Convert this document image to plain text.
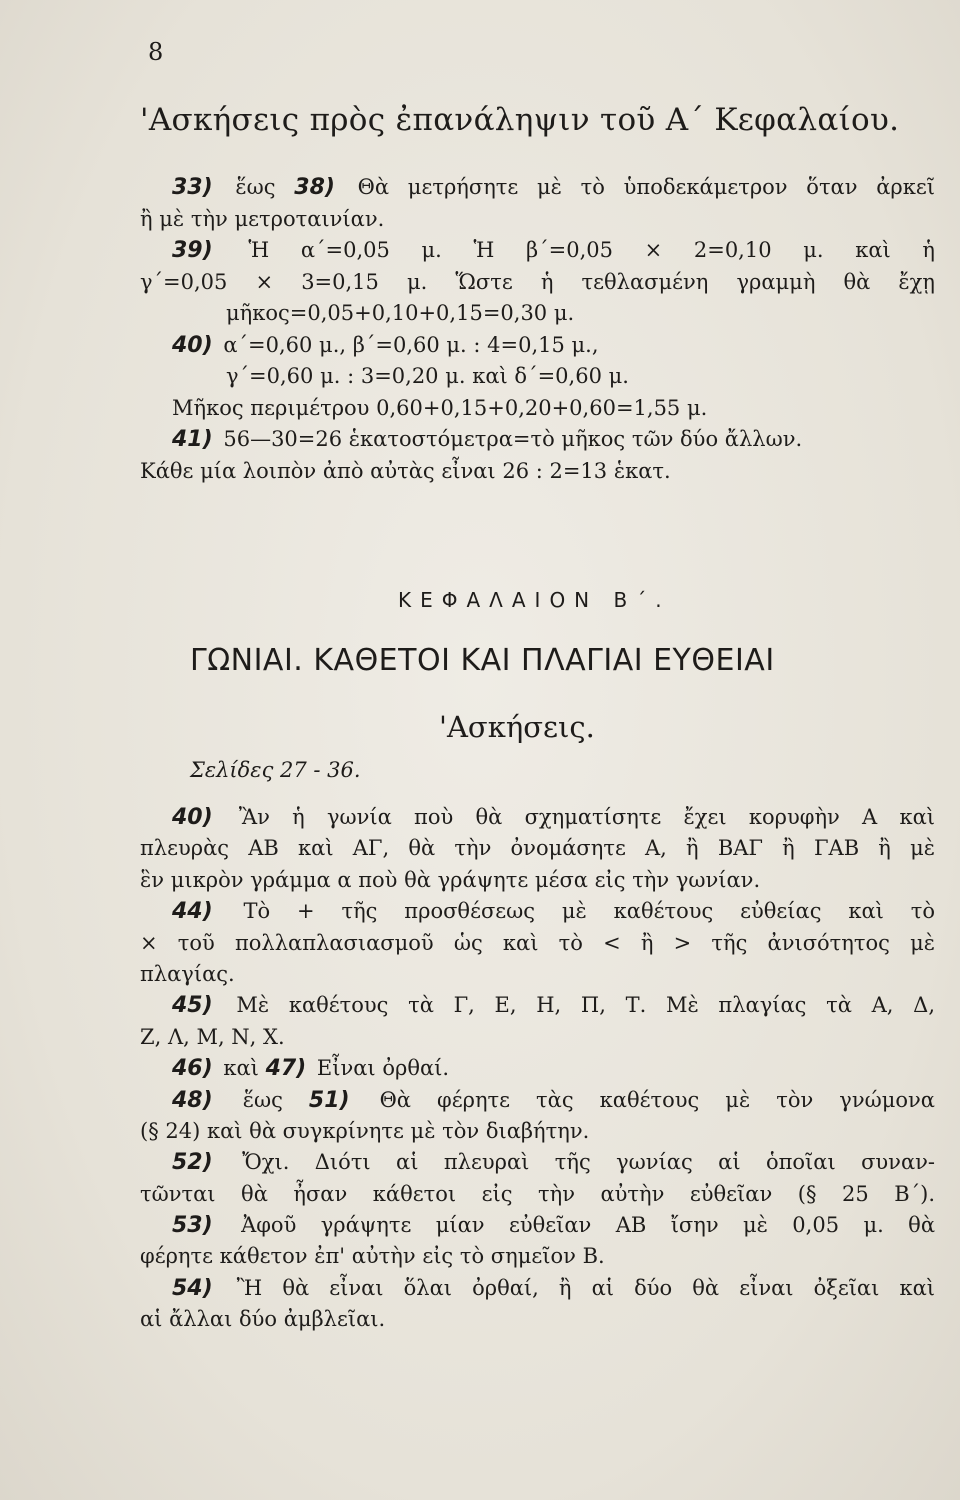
8
'Ασκήσεις πρὸς ἐπανάληψιν τοῦ Α΄ Κεφαλαίου.
33) ἕως 38) Θὰ μετρήσητε μὲ τὸ ὑποδεκάμετρον ὅταν ἀρκεῖ
ἢ μὲ τὴν μετροταινίαν.
39) Ἡ α΄=0,05 μ. Ἡ β΄=0,05 × 2=0,10 μ. καὶ ἡ
γ΄=0,05 × 3=0,15 μ. Ὥστε ἡ τεθλασμένη γραμμὴ θὰ ἔχῃ
μῆκος=0,05+0,10+0,15=0,30 μ.
40) α΄=0,60 μ., β΄=0,60 μ. : 4=0,15 μ.,
γ΄=0,60 μ. : 3=0,20 μ. καὶ δ΄=0,60 μ.
Μῆκος περιμέτρου 0,60+0,15+0,20+0,60=1,55 μ.
41) 56—30=26 ἑκατοστόμετρα=τὸ μῆκος τῶν δύο ἄλλων.
Κάθε μία λοιπὸν ἀπὸ αὐτὰς εἶναι 26 : 2=13 ἑκατ.
ΚΕΦΑΛΑΙΟΝ Β΄.
ΓΩΝΙΑΙ. ΚΑΘΕΤΟΙ ΚΑΙ ΠΛΑΓΙΑΙ ΕΥΘΕΙΑΙ
'Ασκήσεις.
Σελίδες 27 - 36.
40) Ἂν ἡ γωνία ποὺ θὰ σχηματίσητε ἔχει κορυφὴν Α καὶ
πλευρὰς ΑΒ καὶ ΑΓ, θὰ τὴν ὀνομάσητε Α, ἢ ΒΑΓ ἢ ΓΑΒ ἢ μὲ
ἓν μικρὸν γράμμα α ποὺ θὰ γράψητε μέσα εἰς τὴν γωνίαν.
44) Τὸ + τῆς προσθέσεως μὲ καθέτους εὐθείας καὶ τὸ
× τοῦ πολλαπλασιασμοῦ ὡς καὶ τὸ < ἢ > τῆς ἀνισότητος μὲ
πλαγίας.
45) Μὲ καθέτους τὰ Γ, Ε, Η, Π, Τ. Μὲ πλαγίας τὰ Α, Δ,
Ζ, Λ, Μ, Ν, Χ.
46) καὶ 47) Εἶναι ὀρθαί.
48) ἕως 51) Θὰ φέρητε τὰς καθέτους μὲ τὸν γνώμονα
(§ 24) καὶ θὰ συγκρίνητε μὲ τὸν διαβήτην.
52) Ὄχι. Διότι αἱ πλευραὶ τῆς γωνίας αἱ ὁποῖαι συναν-
τῶνται θὰ ἦσαν κάθετοι εἰς τὴν αὐτὴν εὐθεῖαν (§ 25 Β΄).
53) Ἀφοῦ γράψητε μίαν εὐθεῖαν ΑΒ ἴσην μὲ 0,05 μ. θὰ
φέρητε κάθετον ἐπ' αὐτὴν εἰς τὸ σημεῖον Β.
54) Ἢ θὰ εἶναι ὅλαι ὀρθαί, ἢ αἱ δύο θὰ εἶναι ὀξεῖαι καὶ
αἱ ἄλλαι δύο ἀμβλεῖαι.
